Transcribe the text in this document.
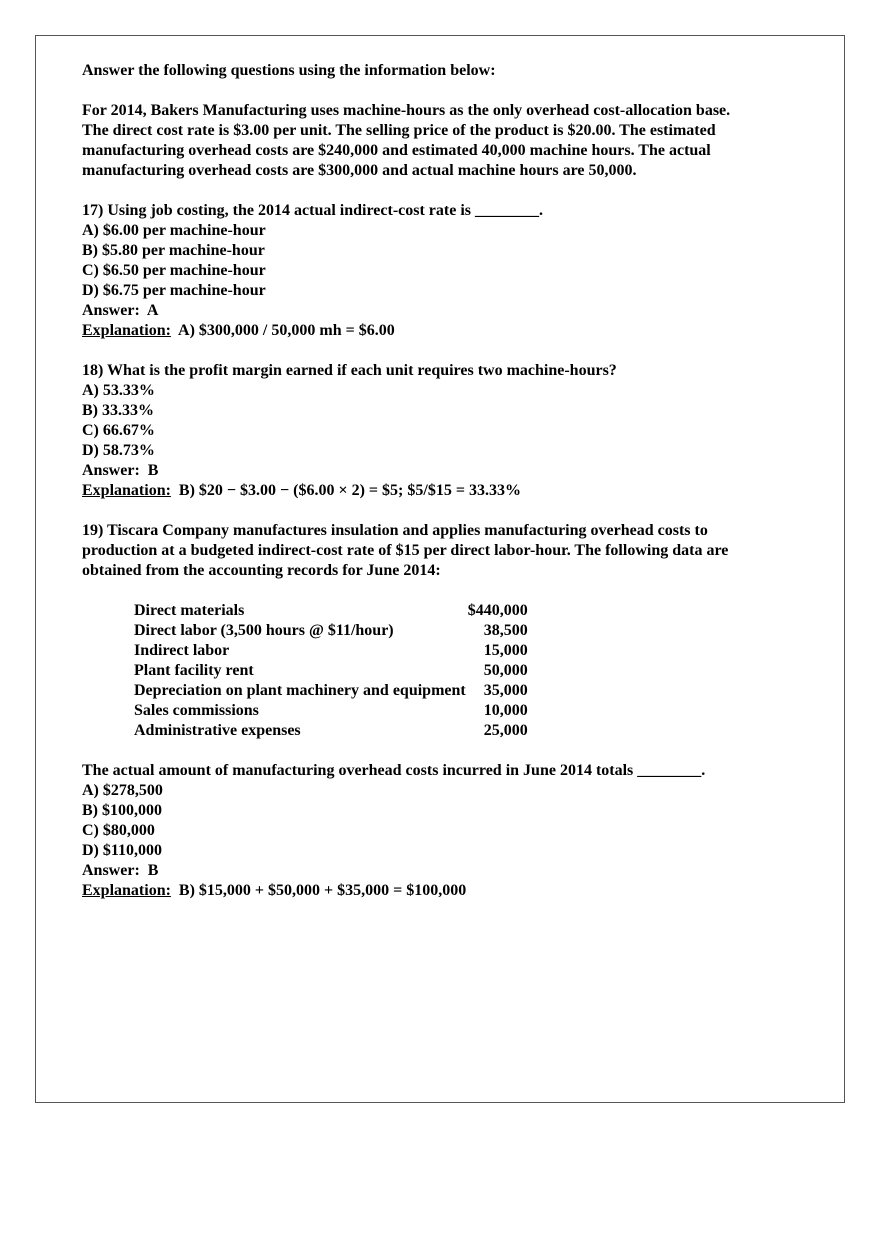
Answer the following questions using the information below:

For 2014, Bakers Manufacturing uses machine-hours as the only overhead cost-allocation base.

The direct cost rate is $3.00 per unit. The selling price of the product is $20.00. The estimated

manufacturing overhead costs are $240,000 and estimated 40,000 machine hours. The actual

manufacturing overhead costs are $300,000 and actual machine hours are 50,000.

17) Using job costing, the 2014 actual indirect-cost rate is ________.

A) $6.00 per machine-hour

B) $5.80 per machine-hour

C) $6.50 per machine-hour

D) $6.75 per machine-hour

Answer:  A

Explanation:  A) $300,000 / 50,000 mh = $6.00

18) What is the profit margin earned if each unit requires two machine-hours?

A) 53.33%

B) 33.33%

C) 66.67%

D) 58.73%

Answer:  B

Explanation:  B) $20 − $3.00 − ($6.00 × 2) = $5; $5/$15 = 33.33%

19) Tiscara Company manufactures insulation and applies manufacturing overhead costs to

production at a budgeted indirect-cost rate of $15 per direct labor-hour. The following data are

obtained from the accounting records for June 2014:

Direct materials	$440,000
Direct labor (3,500 hours @ $11/hour)	38,500
Indirect labor	15,000
Plant facility rent	50,000
Depreciation on plant machinery and equipment	35,000
Sales commissions	10,000
Administrative expenses	25,000

The actual amount of manufacturing overhead costs incurred in June 2014 totals ________.

A) $278,500

B) $100,000

C) $80,000

D) $110,000

Answer:  B

Explanation:  B) $15,000 + $50,000 + $35,000 = $100,000
